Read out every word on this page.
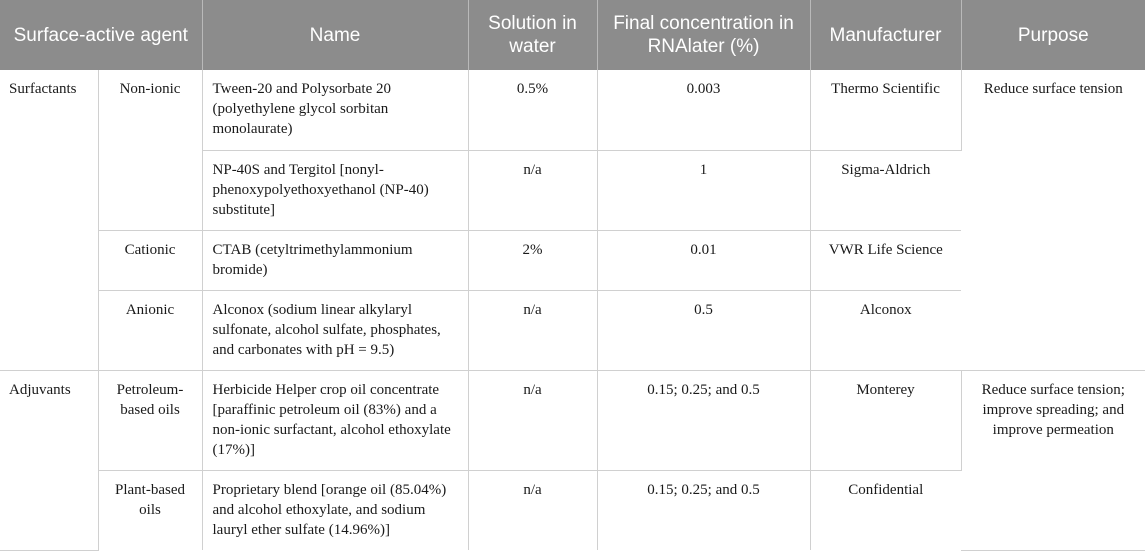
Surface-active agent		Name	Solution in water	Final concentration in RNAlater (%)	Manufacturer	Purpose
Surfactants	Non-ionic	Tween-20 and Polysorbate 20 (polyethylene glycol sorbitan monolaurate)	0.5%	0.003	Thermo Scientific	Reduce surface tension
		NP-40S and Tergitol [nonyl-phenoxypolyethoxyethanol (NP-40) substitute]	n/a	1	Sigma-Aldrich	
	Cationic	CTAB (cetyltrimethylammonium bromide)	2%	0.01	VWR Life Science	
	Anionic	Alconox (sodium linear alkylaryl sulfonate, alcohol sulfate, phosphates, and carbonates with pH = 9.5)	n/a	0.5	Alconox	
Adjuvants	Petroleum-based oils	Herbicide Helper crop oil concentrate [paraffinic petroleum oil (83%) and a non-ionic surfactant, alcohol ethoxylate (17%)]	n/a	0.15; 0.25; and 0.5	Monterey	Reduce surface tension; improve spreading; and improve permeation
	Plant-based oils	Proprietary blend [orange oil (85.04%) and alcohol ethoxylate, and sodium lauryl ether sulfate (14.96%)]	n/a	0.15; 0.25; and 0.5	Confidential	
